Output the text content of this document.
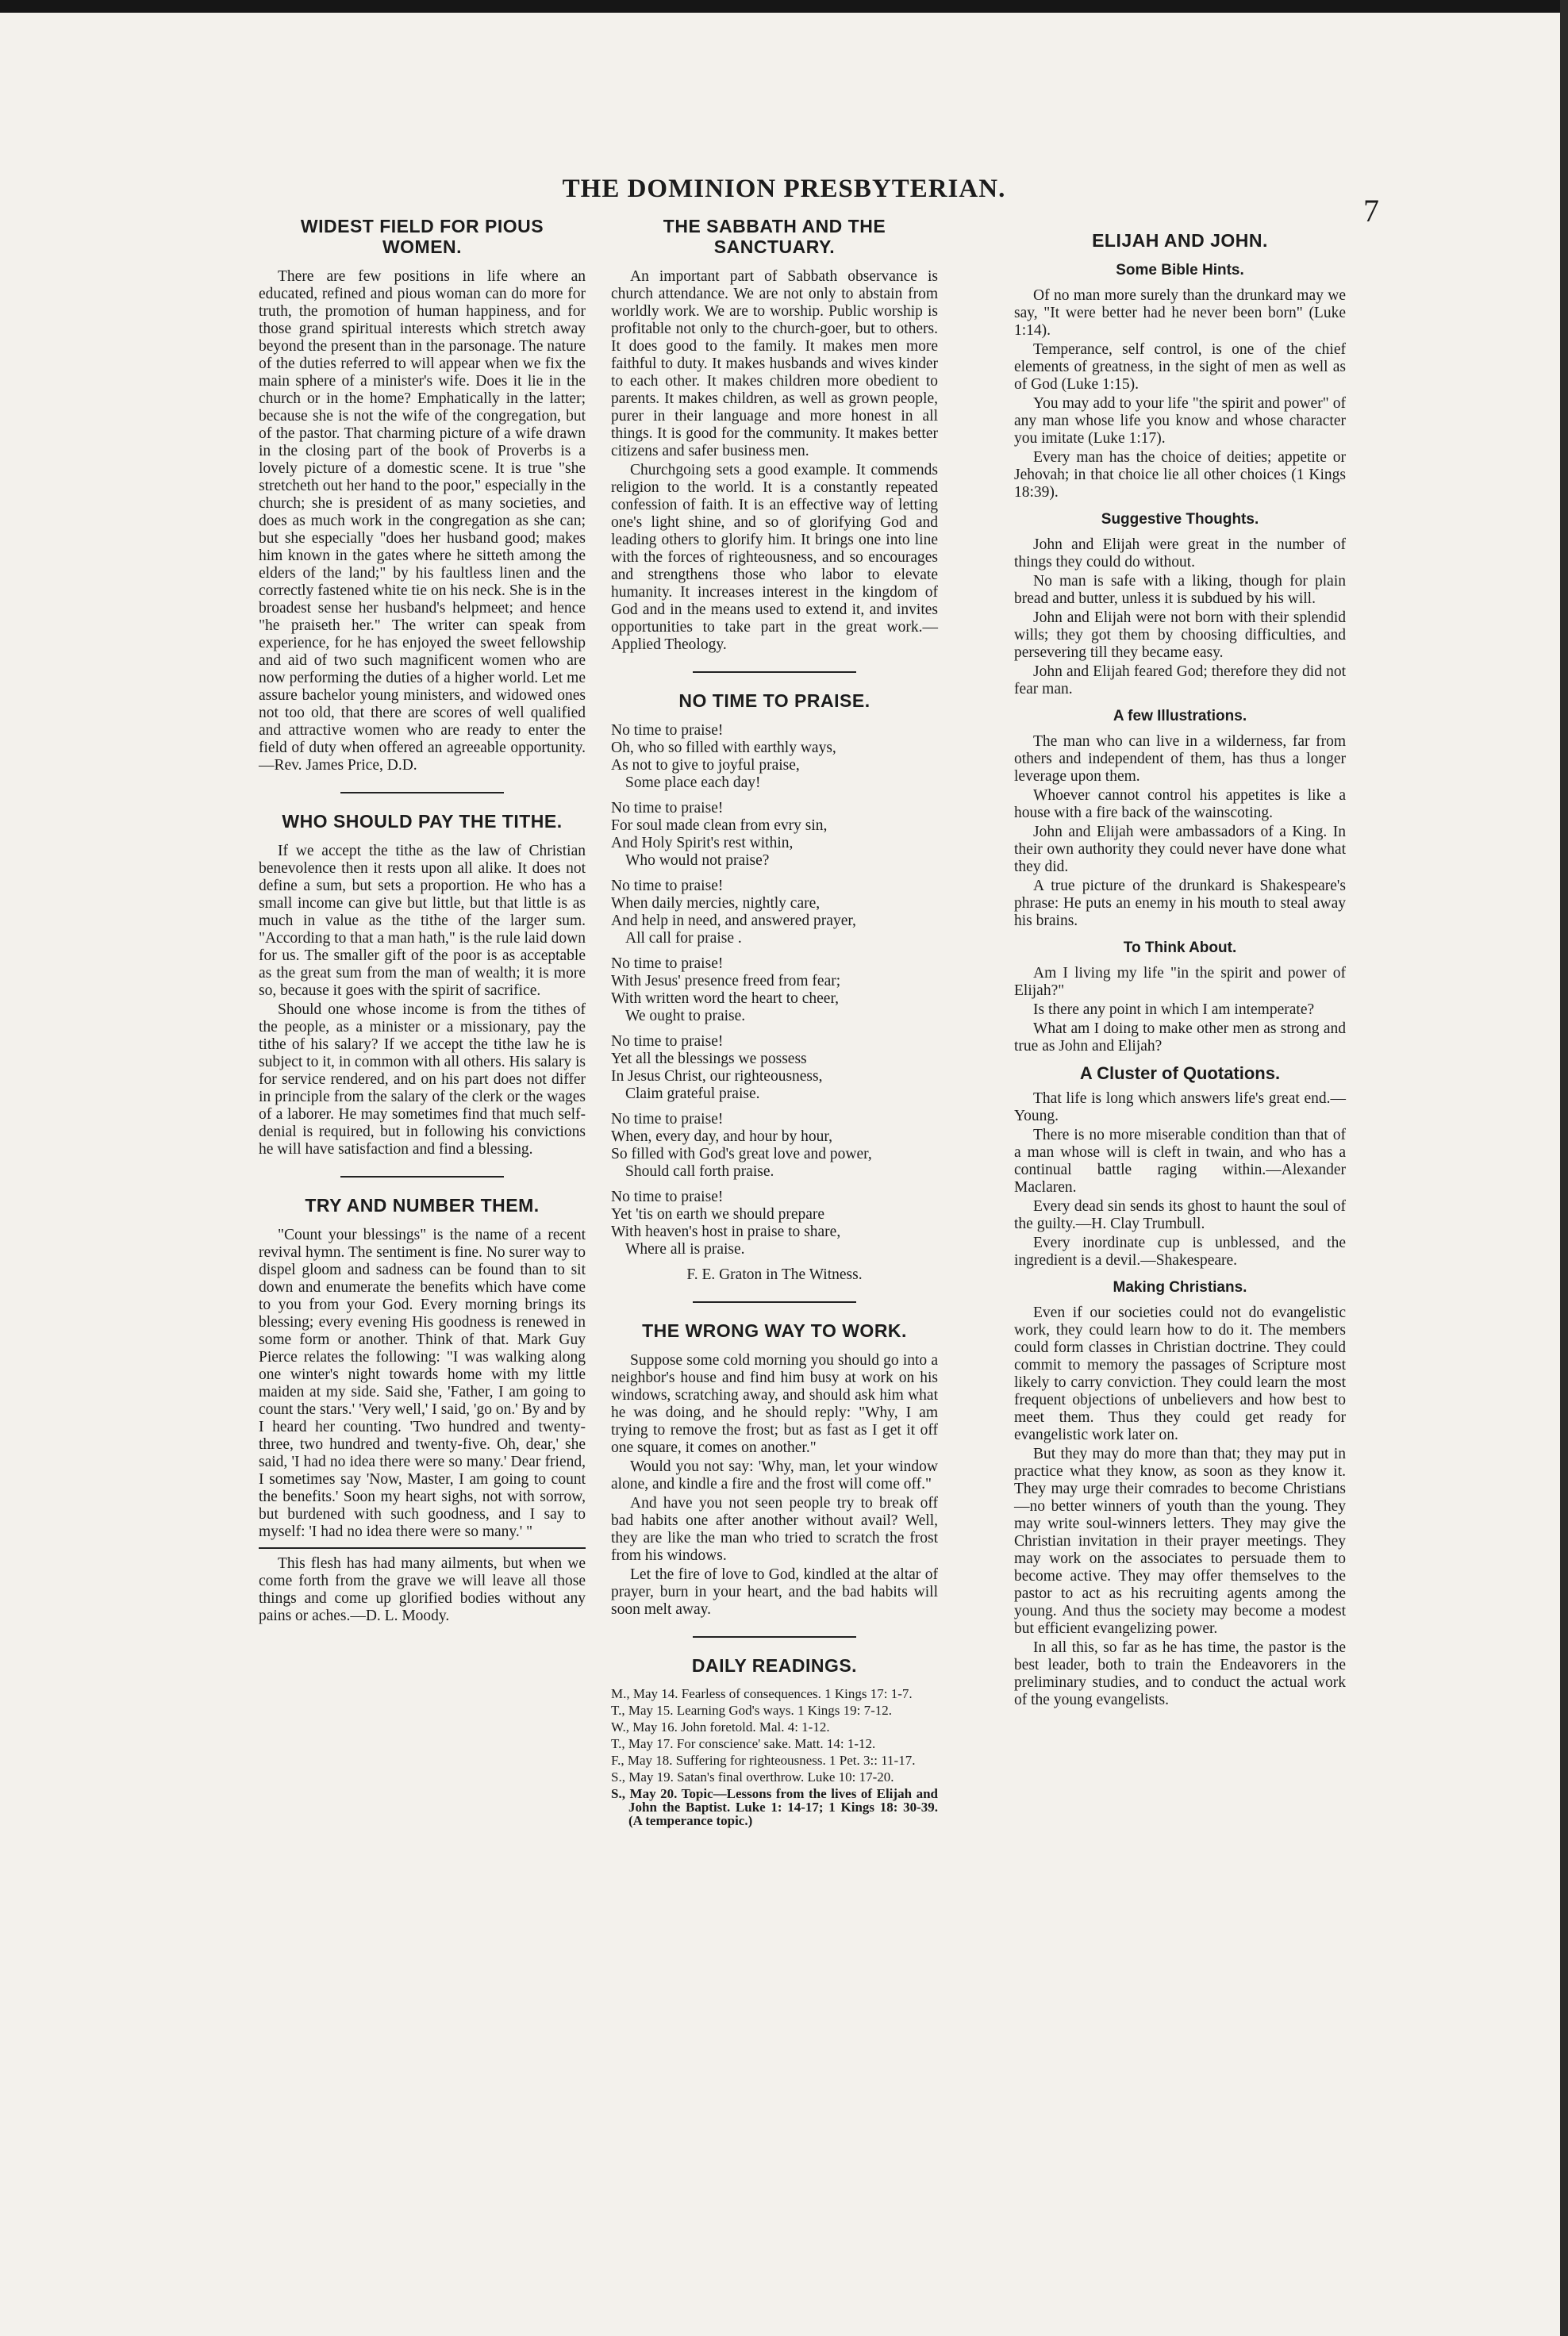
THE DOMINION PRESBYTERIAN.
7
WIDEST FIELD FOR PIOUS WOMEN.

There are few positions in life where an educated, refined and pious woman can do more for truth, the promotion of human happiness, and for those grand spiritual interests which stretch away beyond the present than in the parsonage. The nature of the duties referred to will appear when we fix the main sphere of a minister's wife. Does it lie in the church or in the home? Emphatically in the latter; because she is not the wife of the congregation, but of the pastor. That charming picture of a wife drawn in the closing part of the book of Proverbs is a lovely picture of a domestic scene. It is true "she stretcheth out her hand to the poor," especially in the church; she is president of as many societies, and does as much work in the congregation as she can; but she especially "does her husband good; makes him known in the gates where he sitteth among the elders of the land;" by his faultless linen and the correctly fastened white tie on his neck. She is in the broadest sense her husband's helpmeet; and hence "he praiseth her." The writer can speak from experience, for he has enjoyed the sweet fellowship and aid of two such magnificent women who are now performing the duties of a higher world. Let me assure bachelor young ministers, and widowed ones not too old, that there are scores of well qualified and attractive women who are ready to enter the field of duty when offered an agreeable opportunity.—Rev. James Price, D.D.

WHO SHOULD PAY THE TITHE.

If we accept the tithe as the law of Christian benevolence then it rests upon all alike. It does not define a sum, but sets a proportion. He who has a small income can give but little, but that little is as much in value as the tithe of the larger sum. "According to that a man hath," is the rule laid down for us. The smaller gift of the poor is as acceptable as the great sum from the man of wealth; it is more so, because it goes with the spirit of sacrifice.

Should one whose income is from the tithes of the people, as a minister or a missionary, pay the tithe of his salary? If we accept the tithe law he is subject to it, in common with all others. His salary is for service rendered, and on his part does not differ in principle from the salary of the clerk or the wages of a laborer. He may sometimes find that much self-denial is required, but in following his convictions he will have satisfaction and find a blessing.

TRY AND NUMBER THEM.

"Count your blessings" is the name of a recent revival hymn. The sentiment is fine. No surer way to dispel gloom and sadness can be found than to sit down and enumerate the benefits which have come to you from your God. Every morning brings its blessing; every evening His goodness is renewed in some form or another. Think of that. Mark Guy Pierce relates the following: "I was walking along one winter's night towards home with my little maiden at my side. Said she, 'Father, I am going to count the stars.' 'Very well,' I said, 'go on.' By and by I heard her counting. 'Two hundred and twenty-three, two hundred and twenty-five. Oh, dear,' she said, 'I had no idea there were so many.' Dear friend, I sometimes say 'Now, Master, I am going to count the benefits.' Soon my heart sighs, not with sorrow, but burdened with such goodness, and I say to myself: 'I had no idea there were so many.' "

This flesh has had many ailments, but when we come forth from the grave we will leave all those things and come up glorified bodies without any pains or aches.—D. L. Moody.

THE SABBATH AND THE SANCTUARY.

An important part of Sabbath observance is church attendance. We are not only to abstain from worldly work. We are to worship. Public worship is profitable not only to the church-goer, but to others. It does good to the family. It makes men more faithful to duty. It makes husbands and wives kinder to each other. It makes children more obedient to parents. It makes children, as well as grown people, purer in their language and more honest in all things. It is good for the community. It makes better citizens and safer business men.

Churchgoing sets a good example. It commends religion to the world. It is a constantly repeated confession of faith. It is an effective way of letting one's light shine, and so of glorifying God and leading others to glorify him. It brings one into line with the forces of righteousness, and so encourages and strengthens those who labor to elevate humanity. It increases interest in the kingdom of God and in the means used to extend it, and invites opportunities to take part in the great work.—Applied Theology.

NO TIME TO PRAISE.
No time to praise!
Oh, who so filled with earthly ways,
As not to give to joyful praise,
Some place each day!
No time to praise!
For soul made clean from evry sin,
And Holy Spirit's rest within,
Who would not praise?
No time to praise!
When daily mercies, nightly care,
And help in need, and answered prayer,
All call for praise .
No time to praise!
With Jesus' presence freed from fear;
With written word the heart to cheer,
We ought to praise.
No time to praise!
Yet all the blessings we possess
In Jesus Christ, our righteousness,
Claim grateful praise.
No time to praise!
When, every day, and hour by hour,
So filled with God's great love and power,
Should call forth praise.
No time to praise!
Yet 'tis on earth we should prepare
With heaven's host in praise to share,
Where all is praise.
F. E. Graton in The Witness.
THE WRONG WAY TO WORK.

Suppose some cold morning you should go into a neighbor's house and find him busy at work on his windows, scratching away, and should ask him what he was doing, and he should reply: "Why, I am trying to remove the frost; but as fast as I get it off one square, it comes on another."

Would you not say: 'Why, man, let your window alone, and kindle a fire and the frost will come off."

And have you not seen people try to break off bad habits one after another without avail? Well, they are like the man who tried to scratch the frost from his windows.

Let the fire of love to God, kindled at the altar of prayer, burn in your heart, and the bad habits will soon melt away.

DAILY READINGS.
M., May 14. Fearless of consequences. 1 Kings 17: 1-7.
T., May 15. Learning God's ways. 1 Kings 19: 7-12.
W., May 16. John foretold. Mal. 4: 1-12.
T., May 17. For conscience' sake. Matt. 14: 1-12.
F., May 18. Suffering for righteousness. 1 Pet. 3:: 11-17.
S., May 19. Satan's final overthrow. Luke 10: 17-20.
S., May 20. Topic—Lessons from the lives of Elijah and John the Baptist. Luke 1: 14-17; 1 Kings 18: 30-39. (A temperance topic.)
ELIJAH AND JOHN.
Some Bible Hints.

Of no man more surely than the drunkard may we say, "It were better had he never been born" (Luke 1:14).

Temperance, self control, is one of the chief elements of greatness, in the sight of men as well as of God (Luke 1:15).

You may add to your life "the spirit and power" of any man whose life you know and whose character you imitate (Luke 1:17).

Every man has the choice of deities; appetite or Jehovah; in that choice lie all other choices (1 Kings 18:39).

Suggestive Thoughts.

John and Elijah were great in the number of things they could do without.

No man is safe with a liking, though for plain bread and butter, unless it is subdued by his will.

John and Elijah were not born with their splendid wills; they got them by choosing difficulties, and persevering till they became easy.

John and Elijah feared God; therefore they did not fear man.

A few Illustrations.

The man who can live in a wilderness, far from others and independent of them, has thus a longer leverage upon them.

Whoever cannot control his appetites is like a house with a fire back of the wainscoting.

John and Elijah were ambassadors of a King. In their own authority they could never have done what they did.

A true picture of the drunkard is Shakespeare's phrase: He puts an enemy in his mouth to steal away his brains.

To Think About.

Am I living my life "in the spirit and power of Elijah?"

Is there any point in which I am intemperate?

What am I doing to make other men as strong and true as John and Elijah?

A Cluster of Quotations.

That life is long which answers life's great end.—Young.

There is no more miserable condition than that of a man whose will is cleft in twain, and who has a continual battle raging within.—Alexander Maclaren.

Every dead sin sends its ghost to haunt the soul of the guilty.—H. Clay Trumbull.

Every inordinate cup is unblessed, and the ingredient is a devil.—Shakespeare.

Making Christians.

Even if our societies could not do evangelistic work, they could learn how to do it. The members could form classes in Christian doctrine. They could commit to memory the passages of Scripture most likely to carry conviction. They could learn the most frequent objections of unbelievers and how best to meet them. Thus they could get ready for evangelistic work later on.

But they may do more than that; they may put in practice what they know, as soon as they know it. They may urge their comrades to become Christians—no better winners of youth than the young. They may write soul-winners letters. They may give the Christian invitation in their prayer meetings. They may work on the associates to persuade them to become active. They may offer themselves to the pastor to act as his recruiting agents among the young. And thus the society may become a modest but efficient evangelizing power.

In all this, so far as he has time, the pastor is the best leader, both to train the Endeavorers in the preliminary studies, and to conduct the actual work of the young evangelists.
